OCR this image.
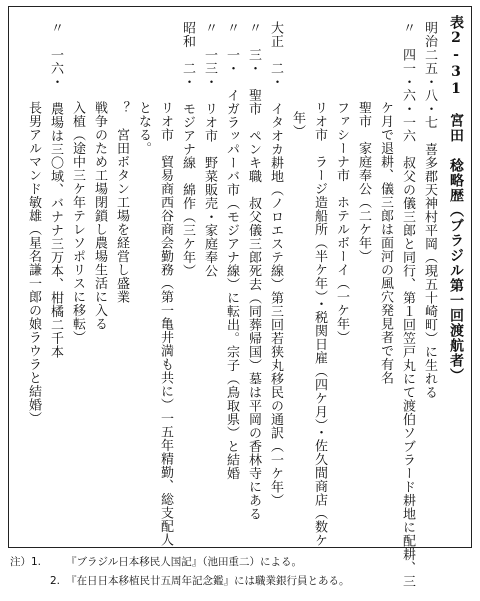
表2-31　宮田　稔略歴（ブラジル第一回渡航者）
明治二五・八・七　喜多郡天神村平岡（現五十崎町）に生れる
〃　四一・六・一六　叔父の儀三郎と同行、第１回笠戸丸にて渡伯ソブラード耕地に配耕、三
ケ月で退耕、儀三郎は面河の風穴発見者で有名
聖市　家庭奉公（二ケ年）
ファシーナ市　ホテルボーイ（一ケ年）
リオ市　ラージ造船所（半ケ年）・税関日雇（四ケ月）・佐久間商店（数ケ
年）
大正　二・　イタオカ耕地（ノロエステ線）第三回若狭丸移民の通訳（一ケ年）
〃　三・　聖市　ペンキ職　叔父儀三郎死去（同葬帰国）墓は平岡の香林寺にある
〃　一・　イガラッパーバ市（モジアナ線）に転出。宗子（鳥取県）と結婚
〃　一三・　リオ市　野菜販売・家庭奉公
昭和　二・　モジアナ線　綿作（三ケ年）
リオ市　貿易商西谷商会勤務（第一亀井満も共に）一五年精勤、総支配人
となる。
？　宮田ボタン工場を経営し盛業
戦争のため工場閉鎖し農場生活に入る
入植（途中三ケ年テレソポリスに移転）
〃　一六・　農場は三〇域、バナナ三万本、柑橘二千本
長男アルマンド敏雄（星名謙一郎の娘ラウラと結婚）
注）1.	『ブラジル日本移民人国記』（池田重二）による。
2. 『在日日本移植民廿五周年記念鑑』には職業銀行員とある。
